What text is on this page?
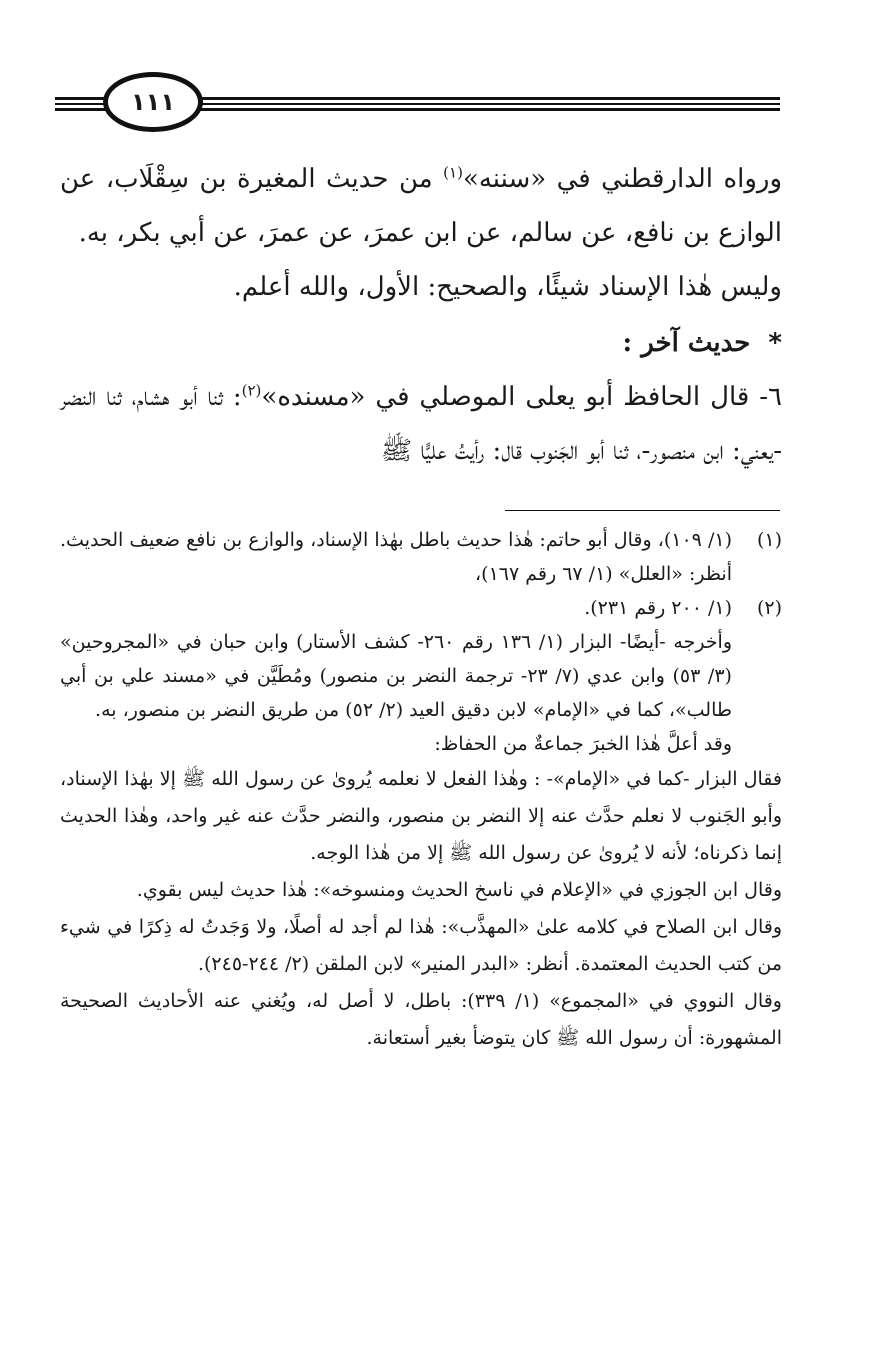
١١١

ورواه الدارقطني في «سننه»$^{(١)}$ من حديث المغيرة بن سِقْلَاب، عن الوازع بن نافع، عن سالم، عن ابن عمرَ، عن عمرَ، عن أبي بكر، به.

وليس هٰذا الإسناد شيئًا، والصحيح: الأول، والله أعلم.

*حديث آخر :

٦- قال الحافظ أبو يعلى الموصلي في «مسنده»$^{(٢)}$: ثنا أبو هشام، ثنا النضر -يعني: ابن منصور-، ثنا أبو الجَنوب قال: رأيتُ عليًّا ﷺ

(١)
(١/ ١٠٩)، وقال أبو حاتم: هٰذا حديث باطل بهٰذا الإسناد، والوازع بن نافع ضعيف الحديث. أنظر: «العلل» (١/ ٦٧ رقم ١٦٧)،

(٢)
(١/ ٢٠٠ رقم ٢٣١).

وأخرجه -أيضًا- البزار (١/ ١٣٦ رقم ٢٦٠- كشف الأستار) وابن حبان في «المجروحين» (٣/ ٥٣) وابن عدي (٧/ ٢٣- ترجمة النضر بن منصور) ومُطَيَّن في «مسند علي بن أبي طالب»، كما في «الإمام» لابن دقيق العيد (٢/ ٥٢) من طريق النضر بن منصور، به.

وقد أعلَّ هٰذا الخبرَ جماعةٌ من الحفاظ:

فقال البزار -كما في «الإمام»- : وهٰذا الفعل لا نعلمه يُروىٰ عن رسول الله ﷺ إلا بهٰذا الإسناد، وأبو الجَنوب لا نعلم حدَّث عنه إلا النضر بن منصور، والنضر حدَّث عنه غير واحد، وهٰذا الحديث إنما ذكرناه؛ لأنه لا يُروىٰ عن رسول الله ﷺ إلا من هٰذا الوجه.

وقال ابن الجوزي في «الإعلام في ناسخ الحديث ومنسوخه»: هٰذا حديث ليس بقوي.

وقال ابن الصلاح في كلامه علىٰ «المهذَّب»: هٰذا لم أجد له أصلًا، ولا وَجَدتُ له ذِكرًا في شيء من كتب الحديث المعتمدة. أنظر: «البدر المنير» لابن الملقن (٢/ ٢٤٤-٢٤٥).

وقال النووي في «المجموع» (١/ ٣٣٩): باطل، لا أصل له، ويُغني عنه الأحاديث الصحيحة المشهورة: أن رسول الله ﷺ كان يتوضأ بغير أستعانة.
